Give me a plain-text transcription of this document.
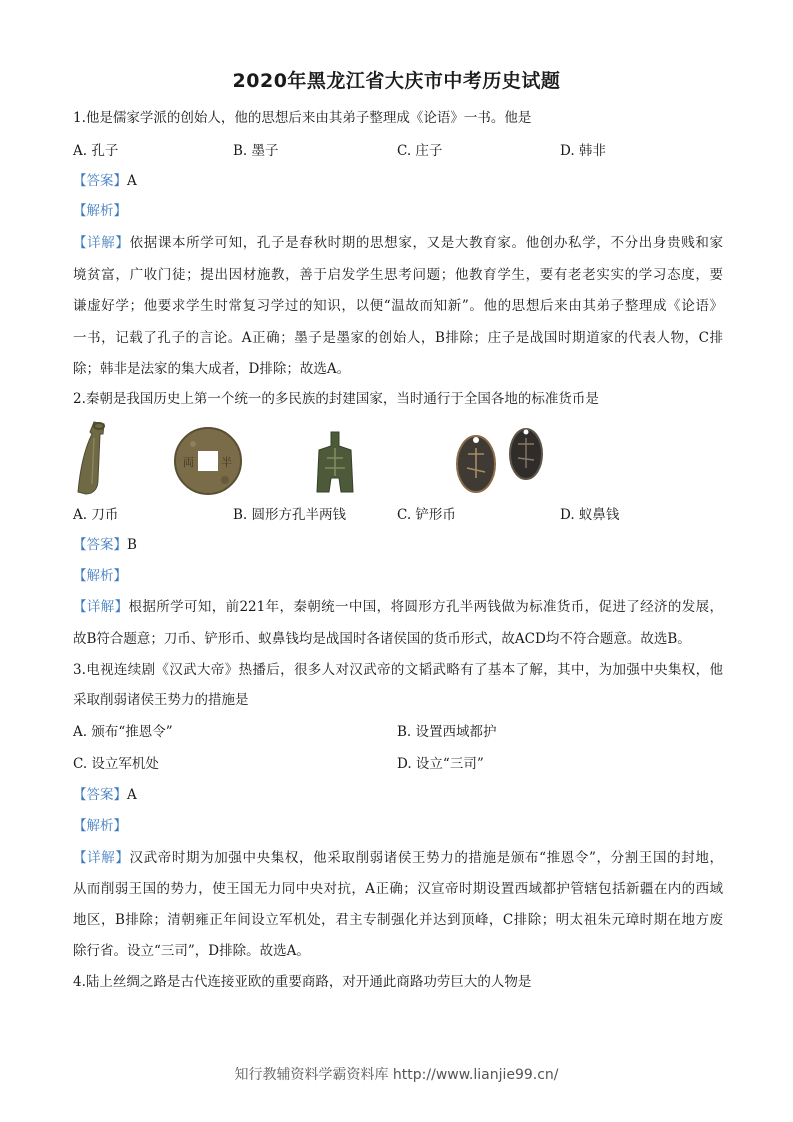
2020年黑龙江省大庆市中考历史试题
1.他是儒家学派的创始人，他的思想后来由其弟子整理成《论语》一书。他是
A. 孔子	B. 墨子	C. 庄子	D. 韩非
【答案】A
【解析】
【详解】依据课本所学可知，孔子是春秋时期的思想家，又是大教育家。他创办私学，不分出身贵贱和家
境贫富，广收门徒；提出因材施教，善于启发学生思考问题；他教育学生，要有老老实实的学习态度，要
谦虚好学；他要求学生时常复习学过的知识，以便“温故而知新”。他的思想后来由其弟子整理成《论语》
一书，记载了孔子的言论。A正确；墨子是墨家的创始人，B排除；庄子是战国时期道家的代表人物，C排
除；韩非是法家的集大成者，D排除；故选A。
2.秦朝是我国历史上第一个统一的多民族的封建国家，当时通行于全国各地的标准货币是
両 半
A. 刀币	B. 圆形方孔半两钱	C. 铲形币	D. 蚁鼻钱
【答案】B
【解析】
【详解】根据所学可知，前221年，秦朝统一中国，将圆形方孔半两钱做为标准货币，促进了经济的发展，
故B符合题意；刀币、铲形币、蚁鼻钱均是战国时各诸侯国的货币形式，故ACD均不符合题意。故选B。
3.电视连续剧《汉武大帝》热播后，很多人对汉武帝的文韬武略有了基本了解，其中，为加强中央集权，他
采取削弱诸侯王势力的措施是
A. 颁布“推恩令”	B. 设置西域都护
C. 设立军机处	D. 设立“三司”
【答案】A
【解析】
【详解】汉武帝时期为加强中央集权，他采取削弱诸侯王势力的措施是颁布“推恩令”，分割王国的封地，
从而削弱王国的势力，使王国无力同中央对抗，A正确；汉宣帝时期设置西域都护管辖包括新疆在内的西域
地区，B排除；清朝雍正年间设立军机处，君主专制强化并达到顶峰，C排除；明太祖朱元璋时期在地方废
除行省。设立“三司”，D排除。故选A。
4.陆上丝绸之路是古代连接亚欧的重要商路，对开通此商路功劳巨大的人物是
知行教辅资料学霸资料库 http://www.lianjie99.cn/
